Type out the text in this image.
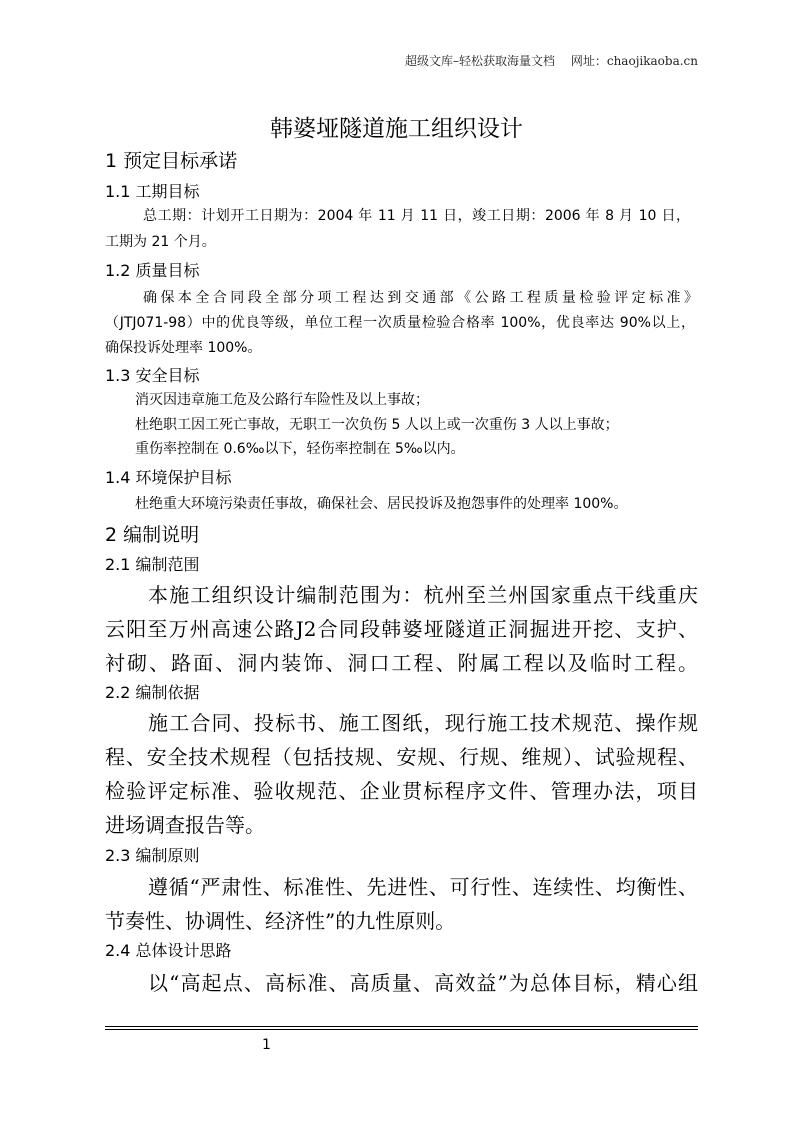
超级文库–轻松获取海量文档　 网址：chaojikaoba.cn
韩婆垭隧道施工组织设计
1 预定目标承诺
1.1 工期目标
总工期：计划开工日期为：2004 年 11 月 11 日，竣工日期：2006 年 8 月 10 日，
工期为 21 个月。
1.2 质量目标
确保本全合同段全部分项工程达到交通部《公路工程质量检验评定标准》
（JTJ071-98）中的优良等级，单位工程一次质量检验合格率 100%，优良率达 90%以上，
确保投诉处理率 100%。
1.3 安全目标
消灭因违章施工危及公路行车险性及以上事故；
杜绝职工因工死亡事故，无职工一次负伤 5 人以上或一次重伤 3 人以上事故；
重伤率控制在 0.6‰以下，轻伤率控制在 5‰以内。
1.4 环境保护目标
杜绝重大环境污染责任事故，确保社会、居民投诉及抱怨事件的处理率 100%。
2 编制说明
2.1 编制范围
本施工组织设计编制范围为：杭州至兰州国家重点干线重庆
云阳至万州高速公路J2合同段韩婆垭隧道正洞掘进开挖、支护、
衬砌、路面、洞内装饰、洞口工程、附属工程以及临时工程。
2.2 编制依据
施工合同、投标书、施工图纸，现行施工技术规范、操作规
程、安全技术规程（包括技规、安规、行规、维规）、试验规程、
检验评定标准、验收规范、企业贯标程序文件、管理办法，项目
进场调查报告等。
2.3 编制原则
遵循“严肃性、标准性、先进性、可行性、连续性、均衡性、
节奏性、协调性、经济性”的九性原则。
2.4 总体设计思路
以“高起点、高标准、高质量、高效益”为总体目标，精心组
1
